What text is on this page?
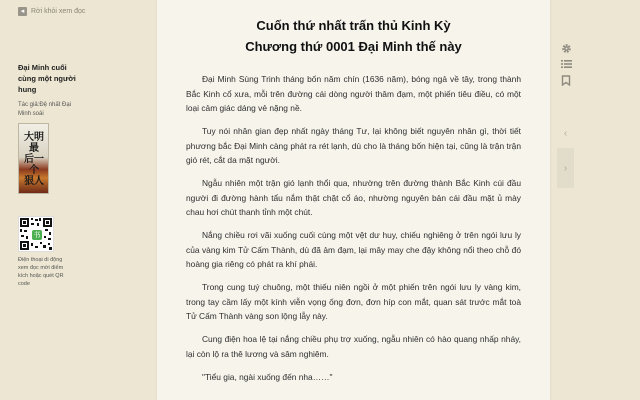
◂ Rời khỏi xem đọc
Đại Minh cuối cùng một người hung
Tác giả:Đệ nhất Đại Minh soái
大明最
后一个
狠人
书
Điện thoại di động xem đọc mời điểm kích hoặc quét QR code
Cuốn thứ nhất trấn thủ Kinh Kỳ
Chương thứ 0001 Đại Minh thế này

Đại Minh Sùng Trinh tháng bốn năm chín (1636 năm), bóng ngả về tây, trong thành Bắc Kinh cổ xưa, mỗi trên đường cái dòng người thâm đạm, một phiến tiêu điều, có một loại cảm giác dáng vẻ nặng nề.

Tuy nói nhân gian đẹp nhất ngày tháng Tư, lại không biết nguyên nhân gì, thời tiết phương bắc Đại Minh càng phát ra rét lạnh, dù cho là tháng bốn hiện tại, cũng là trận trận gió rét, cắt da mặt người.

Ngẫu nhiên một trận gió lạnh thổi qua, nhường trên đường thành Bắc Kinh cúi đầu người đi đường hành tẩu nắm thật chặt cổ áo, nhường nguyên bản cái đầu mặt ủ mày chau hơi chút thanh tỉnh một chút.

Nắng chiều rơi vãi xuống cuối cùng một vệt dư huy, chiếu nghiêng ở trên ngói lưu ly của vàng kim Tử Cấm Thành, dù đã ảm đạm, lại mây may che đậy không nổi theo chỗ đó hoàng gia riêng có phát ra khí phái.

Trong cung tuý chuông, một thiếu niên ngồi ở một phiến trên ngói lưu ly vàng kim, trong tay cầm lấy một kính viễn vọng ống đơn, đơn híp con mắt, quan sát trước mắt toà Tử Cấm Thành vàng son lộng lẫy này.

Cung điện hoa lệ tại nắng chiều phụ trợ xuống, ngẫu nhiên có hào quang nhấp nháy, lại còn lộ ra thê lương và sâm nghiêm.

"Tiểu gia, ngài xuống đến nha……"

‹
›
